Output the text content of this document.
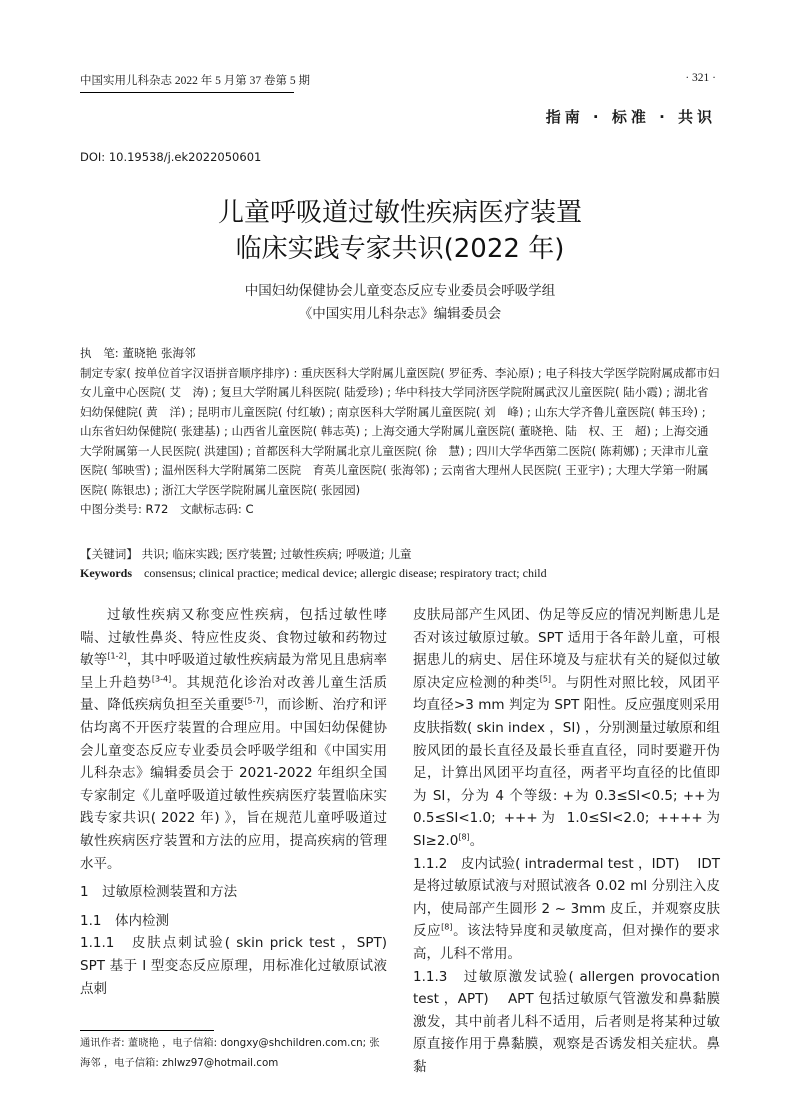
中国实用儿科杂志 2022 年 5 月第 37 卷第 5 期	· 321 ·
指南 · 标准 · 共识
DOI: 10.19538/j.ek2022050601
儿童呼吸道过敏性疾病医疗装置
临床实践专家共识(2022 年)
中国妇幼保健协会儿童变态反应专业委员会呼吸学组
《中国实用儿科杂志》编辑委员会

执　笔: 董晓艳 张海邻

制定专家( 按单位首字汉语拼音顺序排序) : 重庆医科大学附属儿童医院( 罗征秀、李沁原) ; 电子科技大学医学院附属成都市妇女儿童中心医院( 艾　涛) ; 复旦大学附属儿科医院( 陆爱珍) ; 华中科技大学同济医学院附属武汉儿童医院( 陆小霞) ; 湖北省妇幼保健院( 黄　洋) ; 昆明市儿童医院( 付红敏) ; 南京医科大学附属儿童医院( 刘　峰) ; 山东大学齐鲁儿童医院( 韩玉玲) ; 山东省妇幼保健院( 张建基) ; 山西省儿童医院( 韩志英) ; 上海交通大学附属儿童医院( 董晓艳、陆　权、王　超) ; 上海交通大学附属第一人民医院( 洪建国) ; 首都医科大学附属北京儿童医院( 徐　慧) ; 四川大学华西第二医院( 陈莉娜) ; 天津市儿童医院( 邹映雪) ; 温州医科大学附属第二医院　育英儿童医院( 张海邻) ; 云南省大理州人民医院( 王亚宇) ; 大理大学第一附属医院( 陈银忠) ; 浙江大学医学院附属儿童医院( 张园园)

中图分类号: R72　文献标志码: C

【关键词】 共识; 临床实践; 医疗装置; 过敏性疾病; 呼吸道; 儿童
Keywords consensus; clinical practice; medical device; allergic disease; respiratory tract; child

过敏性疾病又称变应性疾病，包括过敏性哮喘、过敏性鼻炎、特应性皮炎、食物过敏和药物过敏等[1-2]，其中呼吸道过敏性疾病最为常见且患病率呈上升趋势[3-4]。其规范化诊治对改善儿童生活质量、降低疾病负担至关重要[5-7]，而诊断、治疗和评估均离不开医疗装置的合理应用。中国妇幼保健协会儿童变态反应专业委员会呼吸学组和《中国实用儿科杂志》编辑委员会于 2021-2022 年组织全国专家制定《儿童呼吸道过敏性疾病医疗装置临床实践专家共识( 2022 年) 》，旨在规范儿童呼吸道过敏性疾病医疗装置和方法的应用，提高疾病的管理水平。

1　过敏原检测装置和方法

1.1　体内检测

1.1.1　皮肤点刺试验( skin prick test ，SPT)　 SPT 基于 I 型变态反应原理，用标准化过敏原试液点刺

皮肤局部产生风团、伪足等反应的情况判断患儿是否对该过敏原过敏。SPT 适用于各年龄儿童，可根据患儿的病史、居住环境及与症状有关的疑似过敏原决定应检测的种类[5]。与阴性对照比较，风团平均直径>3 mm 判定为 SPT 阳性。反应强度则采用皮肤指数( skin index ，SI) ，分别测量过敏原和组胺风团的最长直径及最长垂直直径，同时要避开伪足，计算出风团平均直径，两者平均直径的比值即为 SI，分为 4 个等级: +为 0.3≤SI<0.5; ++为 0.5≤SI<1.0; +++为 1.0≤SI<2.0; ++++为 SI≥2.0[8]。

1.1.2　皮内试验( intradermal test ，IDT)　 IDT 是将过敏原试液与对照试液各 0.02 ml 分别注入皮内，使局部产生圆形 2 ~ 3mm 皮丘，并观察皮肤反应[8]。该法特异度和灵敏度高，但对操作的要求高，儿科不常用。

1.1.3　过敏原激发试验( allergen provocation test ，APT)　 APT 包括过敏原气管激发和鼻黏膜激发，其中前者儿科不适用，后者则是将某种过敏原直接作用于鼻黏膜，观察是否诱发相关症状。鼻黏

通讯作者: 董晓艳 ，电子信箱: dongxy@shchildren.com.cn; 张海邻 ，电子信箱: zhlwz97@hotmail.com
